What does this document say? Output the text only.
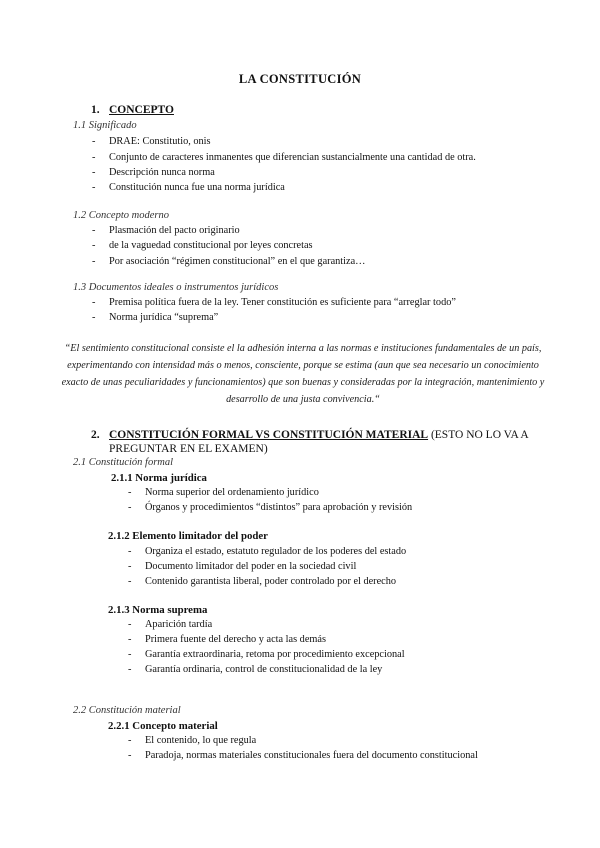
LA CONSTITUCIÓN
1. CONCEPTO
1.1 Significado
- DRAE: Constitutio, onis
- Conjunto de caracteres inmanentes que diferencian sustancialmente una cantidad de otra.
- Descripción nunca norma
- Constitución nunca fue una norma jurídica
1.2 Concepto moderno
- Plasmación del pacto originario
- de la vaguedad constitucional por leyes concretas
- Por asociación “régimen constitucional” en el que garantiza…
1.3 Documentos ideales o instrumentos jurídicos
- Premisa política fuera de la ley. Tener constitución es suficiente para “arreglar todo”
- Norma jurídica “suprema”
“El sentimiento constitucional consiste el la adhesión interna a las normas e instituciones fundamentales de un país, experimentando con intensidad más o menos, consciente, porque se estima (aun que sea necesario un conocimiento exacto de unas peculiaridades y funcionamientos) que son buenas y consideradas por la integración, mantenimiento y desarrollo de una justa convivencia.“
2. CONSTITUCIÓN FORMAL VS CONSTITUCIÓN MATERIAL (ESTO NO LO VA A
PREGUNTAR EN EL EXAMEN)
2.1 Constitución formal
2.1.1 Norma jurídica
- Norma superior del ordenamiento jurídico
- Órganos y procedimientos “distintos” para aprobación y revisión
2.1.2 Elemento limitador del poder
- Organiza el estado, estatuto regulador de los poderes del estado
- Documento limitador del poder en la sociedad civil
- Contenido garantista liberal, poder controlado por el derecho
2.1.3 Norma suprema
- Aparición tardía
- Primera fuente del derecho y acta las demás
- Garantía extraordinaria, retoma por procedimiento excepcional
- Garantía ordinaria, control de constitucionalidad de la ley
2.2 Constitución material
2.2.1 Concepto material
- El contenido, lo que regula
- Paradoja, normas materiales constitucionales fuera del documento constitucional
